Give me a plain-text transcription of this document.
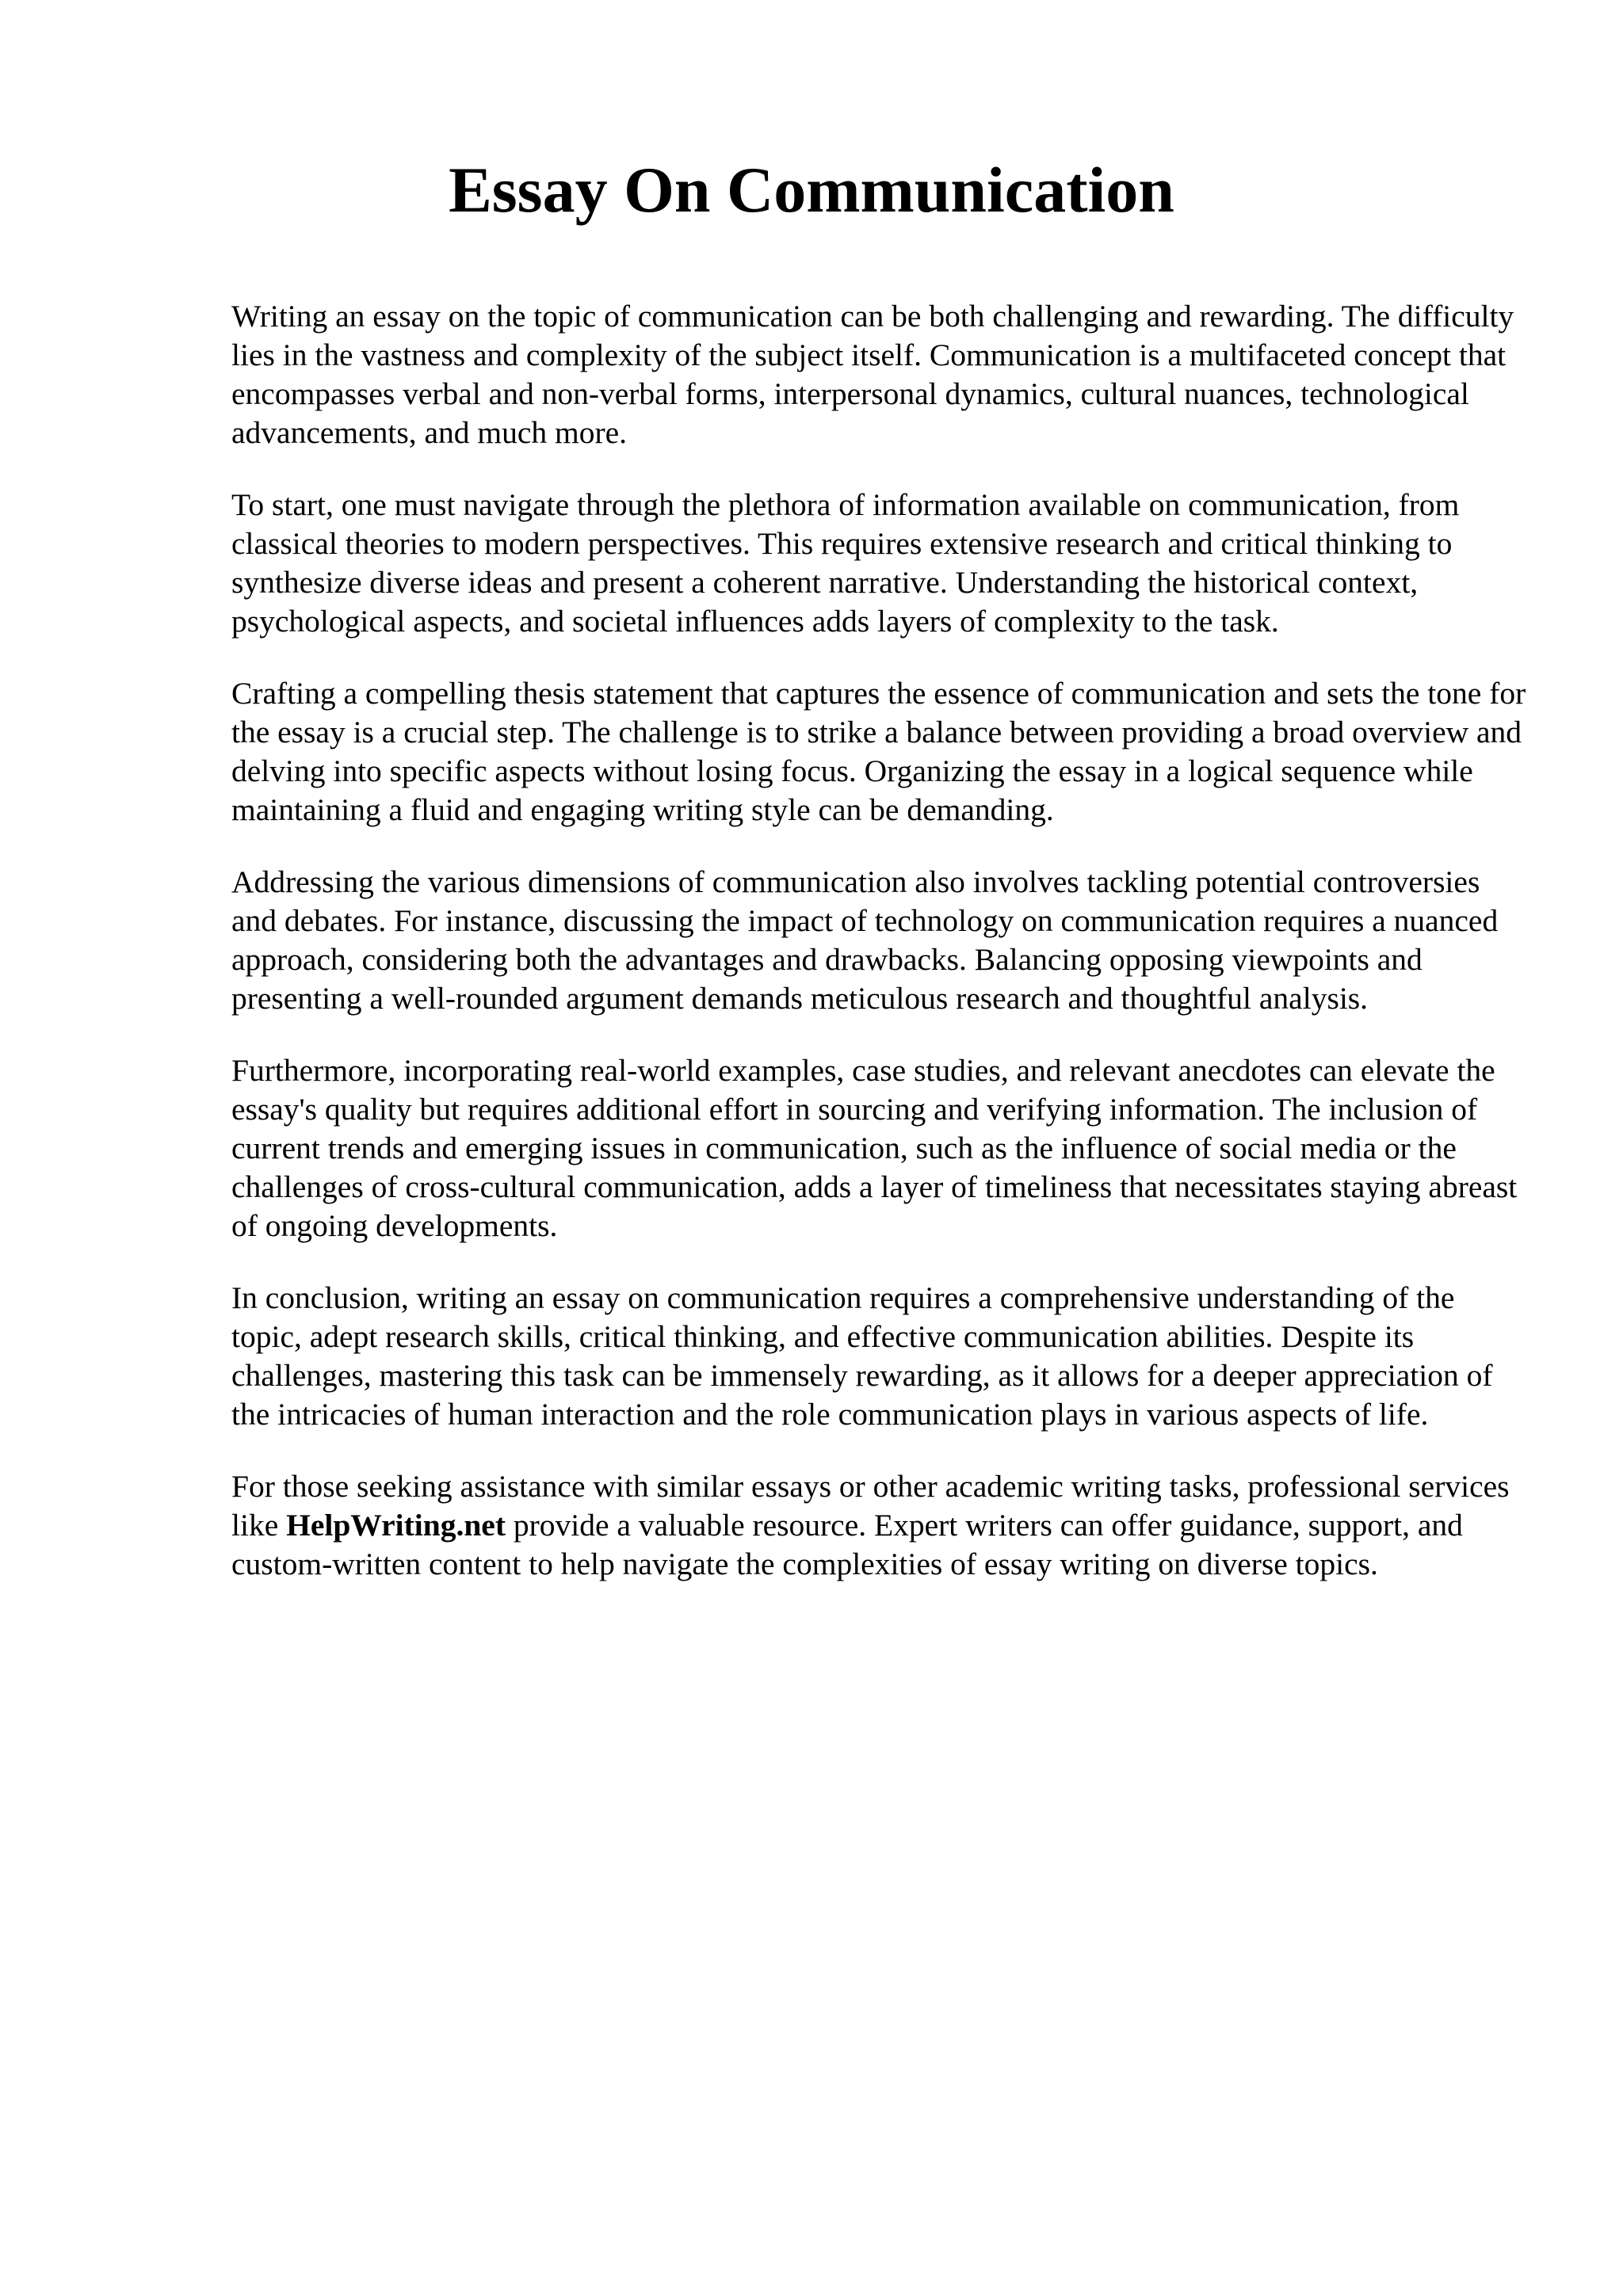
Essay On Communication

Writing an essay on the topic of communication can be both challenging and rewarding. The difficulty lies in the vastness and complexity of the subject itself. Communication is a multifaceted concept that encompasses verbal and non-verbal forms, interpersonal dynamics, cultural nuances, technological advancements, and much more.

To start, one must navigate through the plethora of information available on communication, from classical theories to modern perspectives. This requires extensive research and critical thinking to synthesize diverse ideas and present a coherent narrative. Understanding the historical context, psychological aspects, and societal influences adds layers of complexity to the task.

Crafting a compelling thesis statement that captures the essence of communication and sets the tone for the essay is a crucial step. The challenge is to strike a balance between providing a broad overview and delving into specific aspects without losing focus. Organizing the essay in a logical sequence while maintaining a fluid and engaging writing style can be demanding.

Addressing the various dimensions of communication also involves tackling potential controversies and debates. For instance, discussing the impact of technology on communication requires a nuanced approach, considering both the advantages and drawbacks. Balancing opposing viewpoints and presenting a well-rounded argument demands meticulous research and thoughtful analysis.

Furthermore, incorporating real-world examples, case studies, and relevant anecdotes can elevate the essay's quality but requires additional effort in sourcing and verifying information. The inclusion of current trends and emerging issues in communication, such as the influence of social media or the challenges of cross-cultural communication, adds a layer of timeliness that necessitates staying abreast of ongoing developments.

In conclusion, writing an essay on communication requires a comprehensive understanding of the topic, adept research skills, critical thinking, and effective communication abilities. Despite its challenges, mastering this task can be immensely rewarding, as it allows for a deeper appreciation of the intricacies of human interaction and the role communication plays in various aspects of life.

For those seeking assistance with similar essays or other academic writing tasks, professional services like HelpWriting.net provide a valuable resource. Expert writers can offer guidance, support, and custom-written content to help navigate the complexities of essay writing on diverse topics.
